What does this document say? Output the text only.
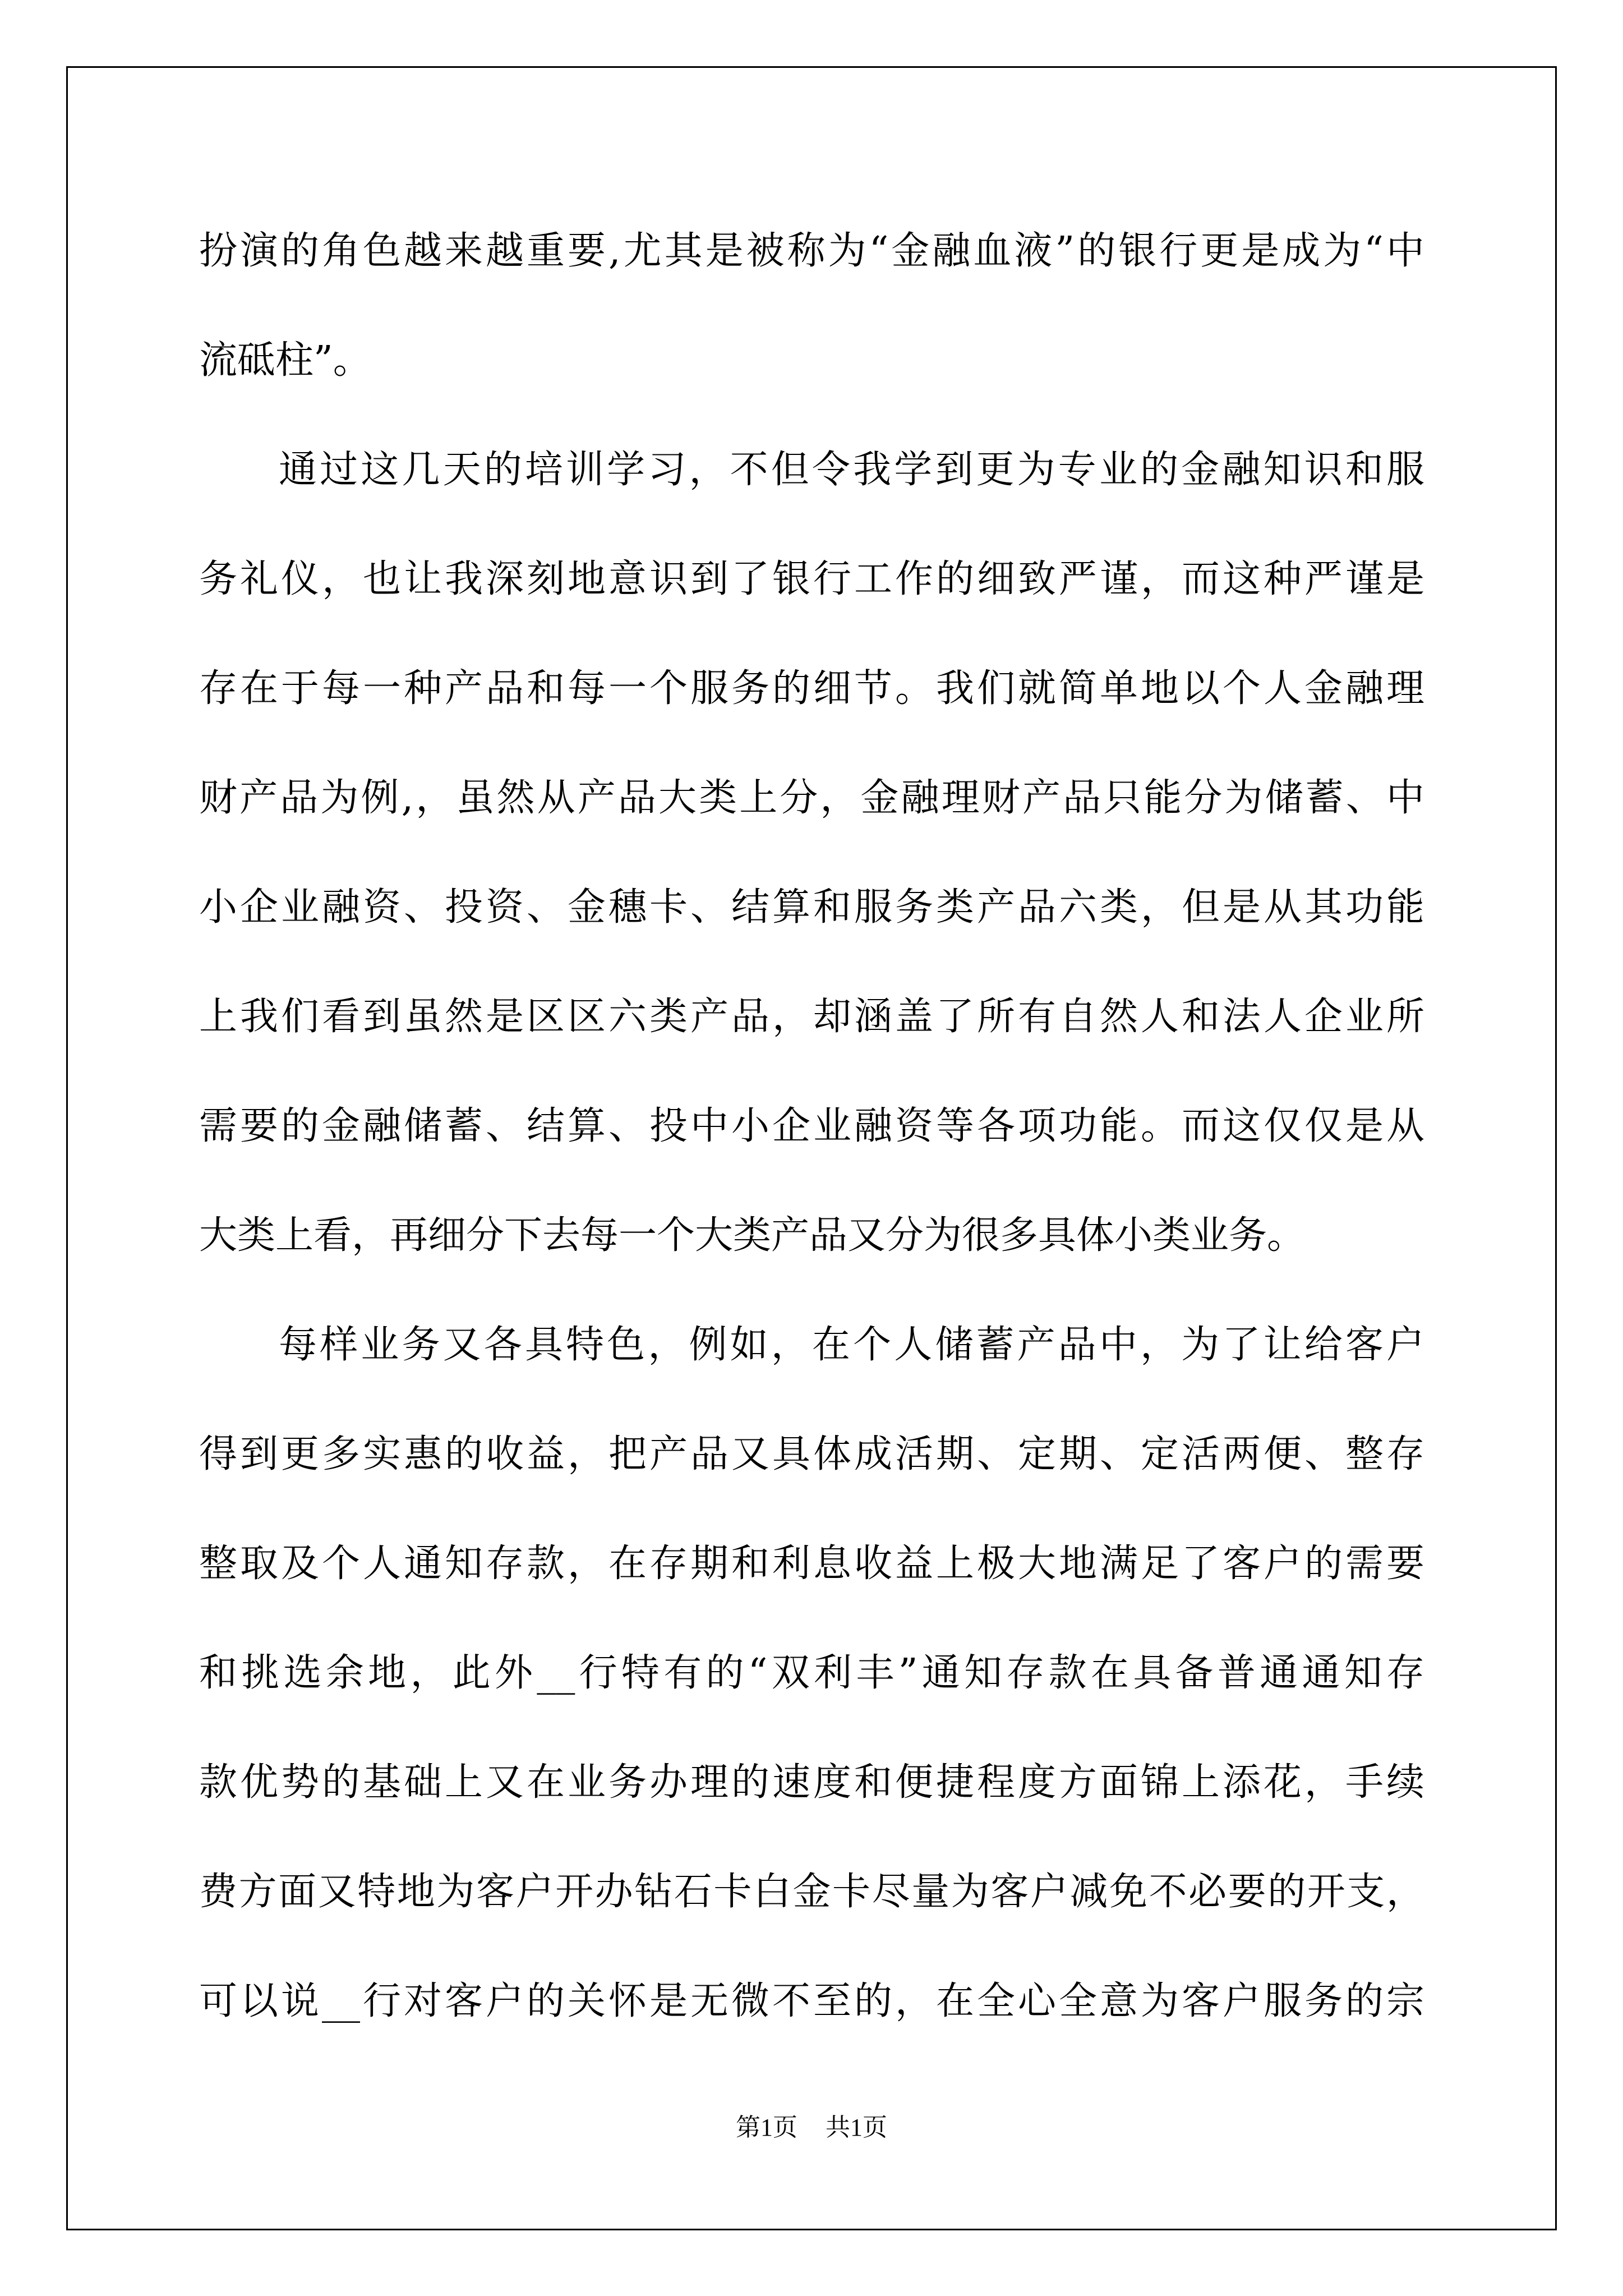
扮演的角色越来越重要,尤其是被称为“金融血液”的银行更是成为“中
流砥柱”。
通过这几天的培训学习，不但令我学到更为专业的金融知识和服
务礼仪，也让我深刻地意识到了银行工作的细致严谨，而这种严谨是
存在于每一种产品和每一个服务的细节。我们就简单地以个人金融理
财产品为例,，虽然从产品大类上分，金融理财产品只能分为储蓄、中
小企业融资、投资、金穗卡、结算和服务类产品六类，但是从其功能
上我们看到虽然是区区六类产品，却涵盖了所有自然人和法人企业所
需要的金融储蓄、结算、投中小企业融资等各项功能。而这仅仅是从
大类上看，再细分下去每一个大类产品又分为很多具体小类业务。
每样业务又各具特色，例如，在个人储蓄产品中，为了让给客户
得到更多实惠的收益，把产品又具体成活期、定期、定活两便、整存
整取及个人通知存款，在存期和利息收益上极大地满足了客户的需要
和挑选余地，此外__行特有的“双利丰”通知存款在具备普通通知存
款优势的基础上又在业务办理的速度和便捷程度方面锦上添花，手续
费方面又特地为客户开办钻石卡白金卡尽量为客户减免不必要的开支，
可以说__行对客户的关怀是无微不至的，在全心全意为客户服务的宗
第1页 共1页
